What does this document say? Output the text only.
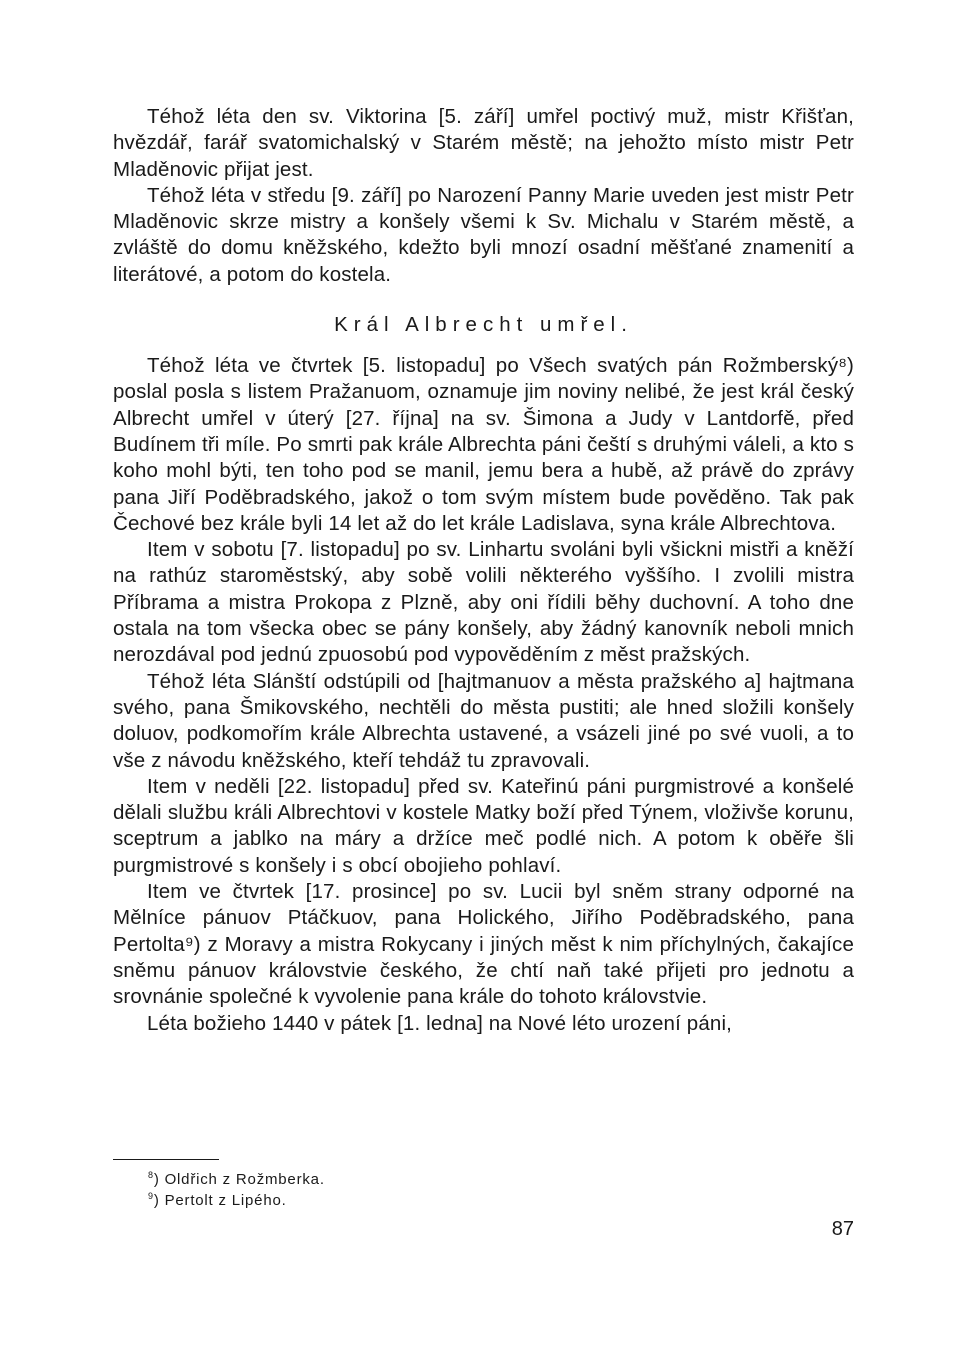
Téhož léta den sv. Viktorina [5. září] umřel poctivý muž, mistr Křišťan, hvězdář, farář svatomichalský v Starém městě; na jehožto místo mistr Petr Mladěnovic přijat jest.

Téhož léta v středu [9. září] po Narození Panny Marie uveden jest mistr Petr Mladěnovic skrze mistry a konšely všemi k Sv. Michalu v Starém městě, a zvláště do domu kněžského, kdežto byli mnozí osadní měšťané znamenití a literátové, a potom do kostela.

Král Albrecht umřel.

Téhož léta ve čtvrtek [5. listopadu] po Všech svatých pán Rožmberský⁸) poslal posla s listem Pražanuom, oznamuje jim noviny nelibé, že jest král český Albrecht umřel v úterý [27. října] na sv. Šimona a Judy v Lantdorfě, před Budínem tři míle. Po smrti pak krále Albrechta páni čeští s druhými váleli, a kto s koho mohl býti, ten toho pod se manil, jemu bera a hubě, až právě do zprávy pana Jiří Poděbradského, jakož o tom svým místem bude pověděno. Tak pak Čechové bez krále byli 14 let až do let krále Ladislava, syna krále Albrechtova.

Item v sobotu [7. listopadu] po sv. Linhartu svoláni byli všickni mistři a kněží na rathúz staroměstský, aby sobě volili některého vyššího. I zvolili mistra Příbrama a mistra Prokopa z Plzně, aby oni řídili běhy duchovní. A toho dne ostala na tom všecka obec se pány konšely, aby žádný kanovník neboli mnich nerozdával pod jednú zpuosobú pod vypověděním z měst pražských.

Téhož léta Slánští odstúpili od [hajtmanuov a města pražského a] hajtmana svého, pana Šmikovského, nechtěli do města pustiti; ale hned složili konšely doluov, podkomořím krále Albrechta ustavené, a vsázeli jiné po své vuoli, a to vše z návodu kněžského, kteří tehdáž tu zpravovali.

Item v neděli [22. listopadu] před sv. Kateřinú páni purgmistrové a konšelé dělali službu králi Albrechtovi v kostele Matky boží před Týnem, vloživše korunu, sceptrum a jablko na máry a držíce meč podlé nich. A potom k oběře šli purgmistrové s konšely i s obcí obojieho pohlaví.

Item ve čtvrtek [17. prosince] po sv. Lucii byl sněm strany odporné na Mělníce pánuov Ptáčkuov, pana Holického, Jiřího Poděbradského, pana Pertolta⁹) z Moravy a mistra Rokycany i jiných měst k nim příchylných, čakajíce sněmu pánuov královstvie českého, že chtí naň také přijeti pro jednotu a srovnánie společné k vyvolenie pana krále do tohoto královstvie.

Léta božieho 1440 v pátek [1. ledna] na Nové léto urození páni,

$^8$) Oldřich z Rožmberka.

$^9$) Pertolt z Lipého.

87
